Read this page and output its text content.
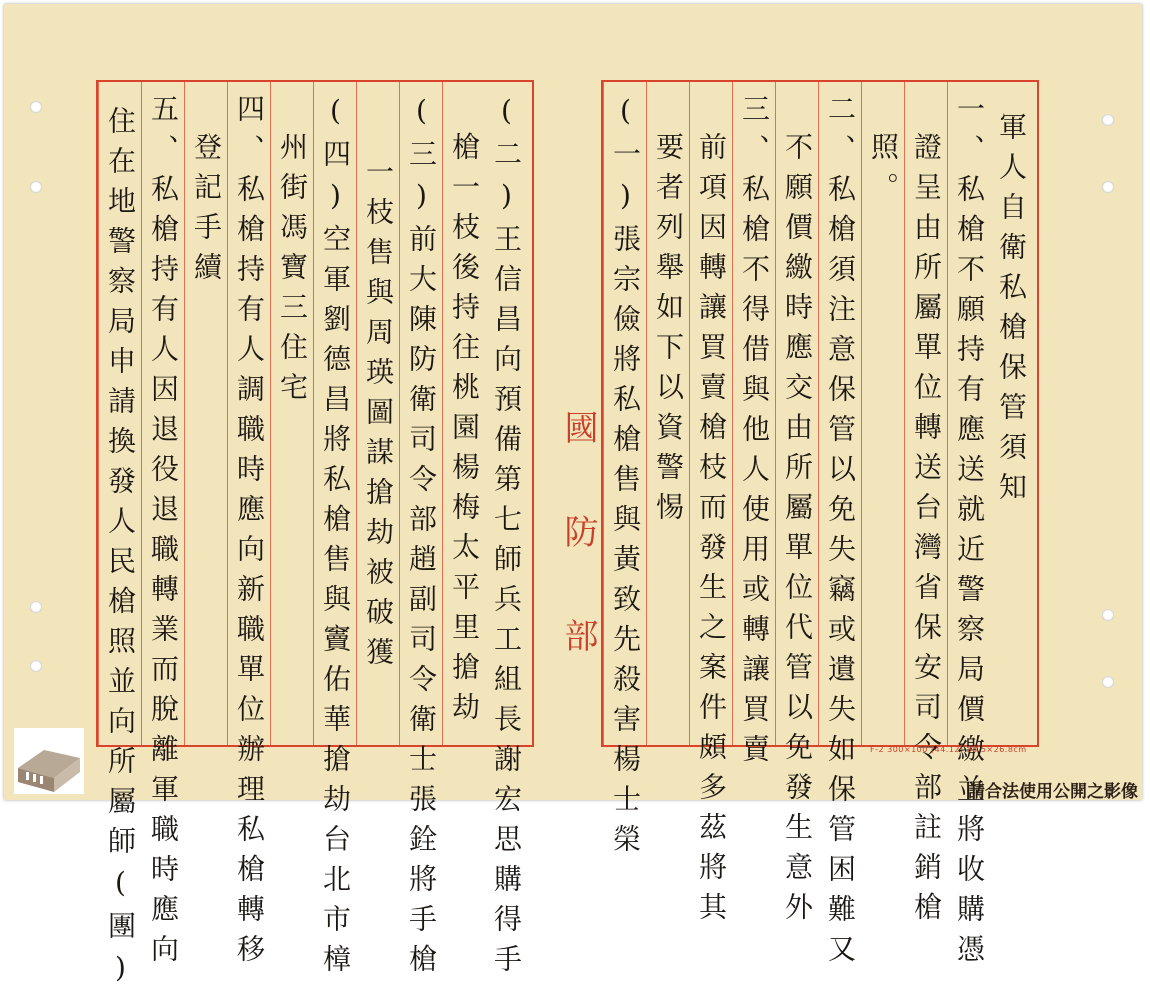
(二)王信昌向預備第七師兵工組長謝宏思購得手
槍一枝後持往桃園楊梅太平里搶劫
(三)前大陳防衛司令部趙副司令衛士張銓將手槍
一枝售與周瑛圖謀搶劫被破獲
(四)空軍劉德昌將私槍售與竇佑華搶劫台北市樟
州街馮寶三住宅
四、私槍持有人調職時應向新職單位辦理私槍轉移
登記手續
五、私槍持有人因退役退職轉業而脫離軍職時應向
住在地警察局申請換發人民槍照並向所屬師(團)	國防部
軍人自衛私槍保管須知
一、私槍不願持有應送就近警察局價繳並將收購憑
證呈由所屬單位轉送台灣省保安司令部註銷槍
照。
二、私槍須注意保管以免失竊或遺失如保管困難又
不願價繳時應交由所屬單位代管以免發生意外
三、私槍不得借與他人使用或轉讓買賣
前項因轉讓買賣槍枝而發生之案件頗多茲將其
要者列舉如下以資警惕
(一)張宗儉將私槍售與黃致先殺害楊士榮	F-2 300×100 (44.12) 38.5×26.8cm
請合法使用公開之影像
